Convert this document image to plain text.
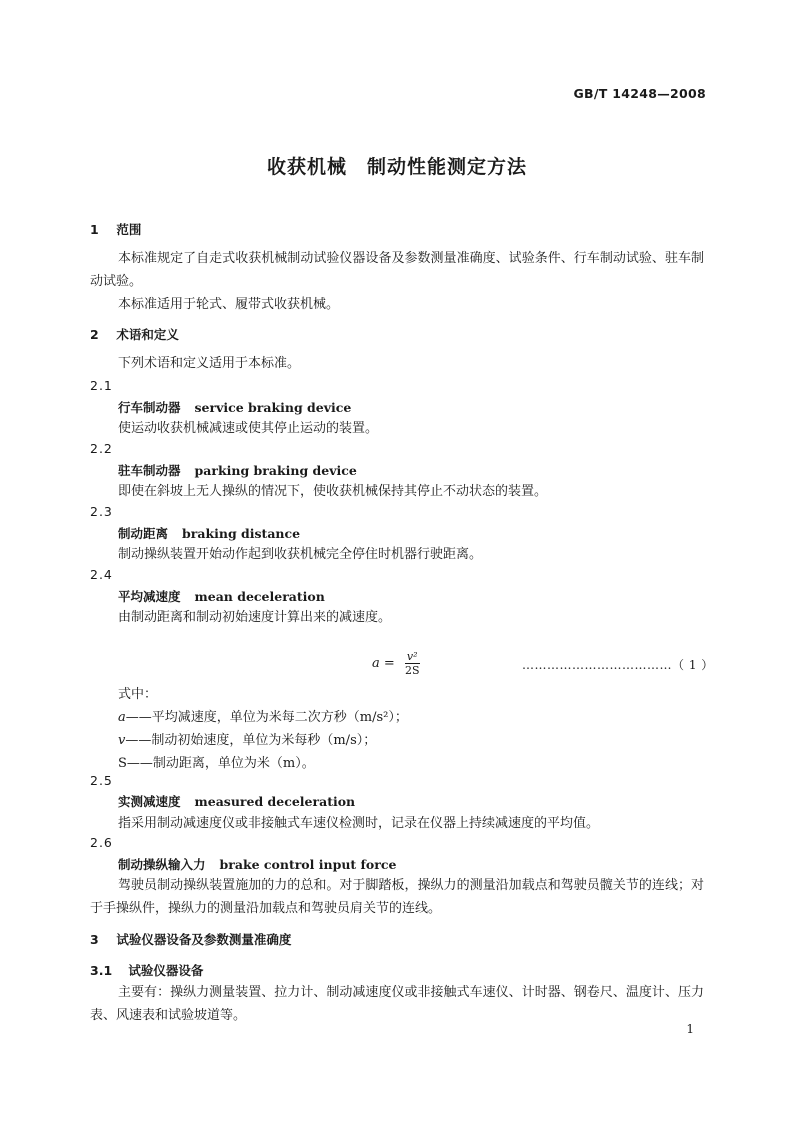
GB/T 14248—2008
收获机械　制动性能测定方法
1 范围
本标准规定了自走式收获机械制动试验仪器设备及参数测量准确度、试验条件、行车制动试验、驻车制动试验。
本标准适用于轮式、履带式收获机械。
2 术语和定义
下列术语和定义适用于本标准。
2.1
行车制动器 service braking device
使运动收获机械减速或使其停止运动的装置。
2.2
驻车制动器 parking braking device
即使在斜坡上无人操纵的情况下，使收获机械保持其停止不动状态的装置。
2.3
制动距离 braking distance
制动操纵装置开始动作起到收获机械完全停住时机器行驶距离。
2.4
平均减速度 mean deceleration
由制动距离和制动初始速度计算出来的减速度。
$a = \frac{\text{v²}}{2S}$	………………………………（ 1 ）
式中：
a——平均减速度，单位为米每二次方秒（m/s²）；
v——制动初始速度，单位为米每秒（m/s）；
S——制动距离，单位为米（m）。
2.5
实测减速度 measured deceleration
指采用制动减速度仪或非接触式车速仪检测时，记录在仪器上持续减速度的平均值。
2.6
制动操纵输入力 brake control input force
驾驶员制动操纵装置施加的力的总和。对于脚踏板，操纵力的测量沿加载点和驾驶员髋关节的连线；对于手操纵件，操纵力的测量沿加载点和驾驶员肩关节的连线。
3 试验仪器设备及参数测量准确度
3.1 试验仪器设备
主要有：操纵力测量装置、拉力计、制动减速度仪或非接触式车速仪、计时器、钢卷尺、温度计、压力表、风速表和试验坡道等。
1
